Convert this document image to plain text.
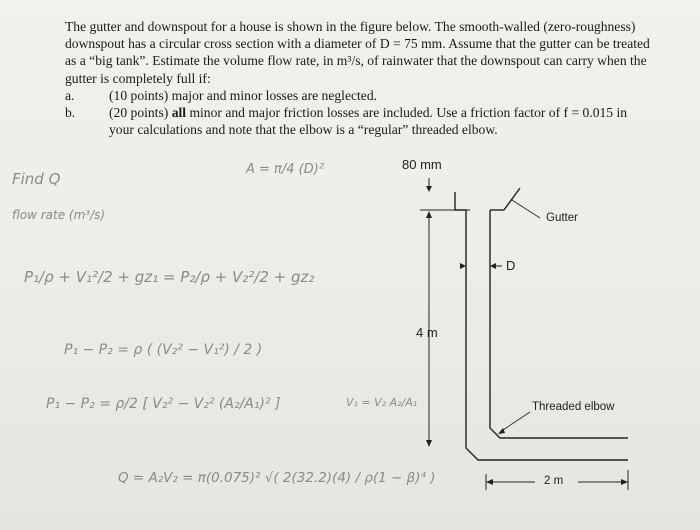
The gutter and downspout for a house is shown in the figure below. The smooth-walled (zero-roughness) downspout has a circular cross section with a diameter of D = 75 mm. Assume that the gutter can be treated as a “big tank”. Estimate the volume flow rate, in m³/s, of rainwater that the downspout can carry when the gutter is completely full if:

a.	(10 points) major and minor losses are neglected.
b.	(20 points) all minor and major friction losses are included. Use a friction factor of f = 0.015 in your calculations and note that the elbow is a “regular” threaded elbow.
80 mm
Gutter
D
4 m
Threaded elbow
2 m
Find Q
flow rate (m³/s)
A = π/4 (D)²
P₁/ρ + V₁²/2 + gz₁ = P₂/ρ + V₂²/2 + gz₂
P₁ − P₂ = ρ ( (V₂² − V₁²) / 2 )
P₁ − P₂ = ρ/2 [ V₂² − V₂² (A₂/A₁)² ]	V₁ = V₂ A₂/A₁
Q = A₂V₂ = π(0.075)² √( 2(32.2)(4) / ρ(1 − β)⁴ )
